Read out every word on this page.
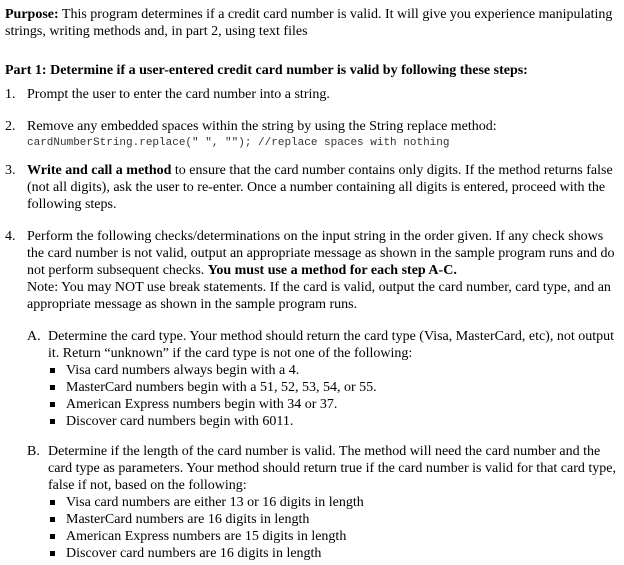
Purpose: This program determines if a credit card number is valid. It will give you experience manipulating strings, writing methods and, in part 2, using text files
Part 1: Determine if a user-entered credit card number is valid by following these steps:
1. Prompt the user to enter the card number into a string.
2. Remove any embedded spaces within the string by using the String replace method:
cardNumberString.replace(" ", ""); //replace spaces with nothing
3. Write and call a method to ensure that the card number contains only digits. If the method returns false (not all digits), ask the user to re-enter. Once a number containing all digits is entered, proceed with the following steps.
4. Perform the following checks/determinations on the input string in the order given. If any check shows the card number is not valid, output an appropriate message as shown in the sample program runs and do not perform subsequent checks. You must use a method for each step A-C.
Note: You may NOT use break statements. If the card is valid, output the card number, card type, and an appropriate message as shown in the sample program runs.
A. Determine the card type. Your method should return the card type (Visa, MasterCard, etc), not output it. Return “unknown” if the card type is not one of the following:
Visa card numbers always begin with a 4.
MasterCard numbers begin with a 51, 52, 53, 54, or 55.
American Express numbers begin with 34 or 37.
Discover card numbers begin with 6011.
B. Determine if the length of the card number is valid. The method will need the card number and the card type as parameters. Your method should return true if the card number is valid for that card type, false if not, based on the following:
Visa card numbers are either 13 or 16 digits in length
MasterCard numbers are 16 digits in length
American Express numbers are 15 digits in length
Discover card numbers are 16 digits in length
